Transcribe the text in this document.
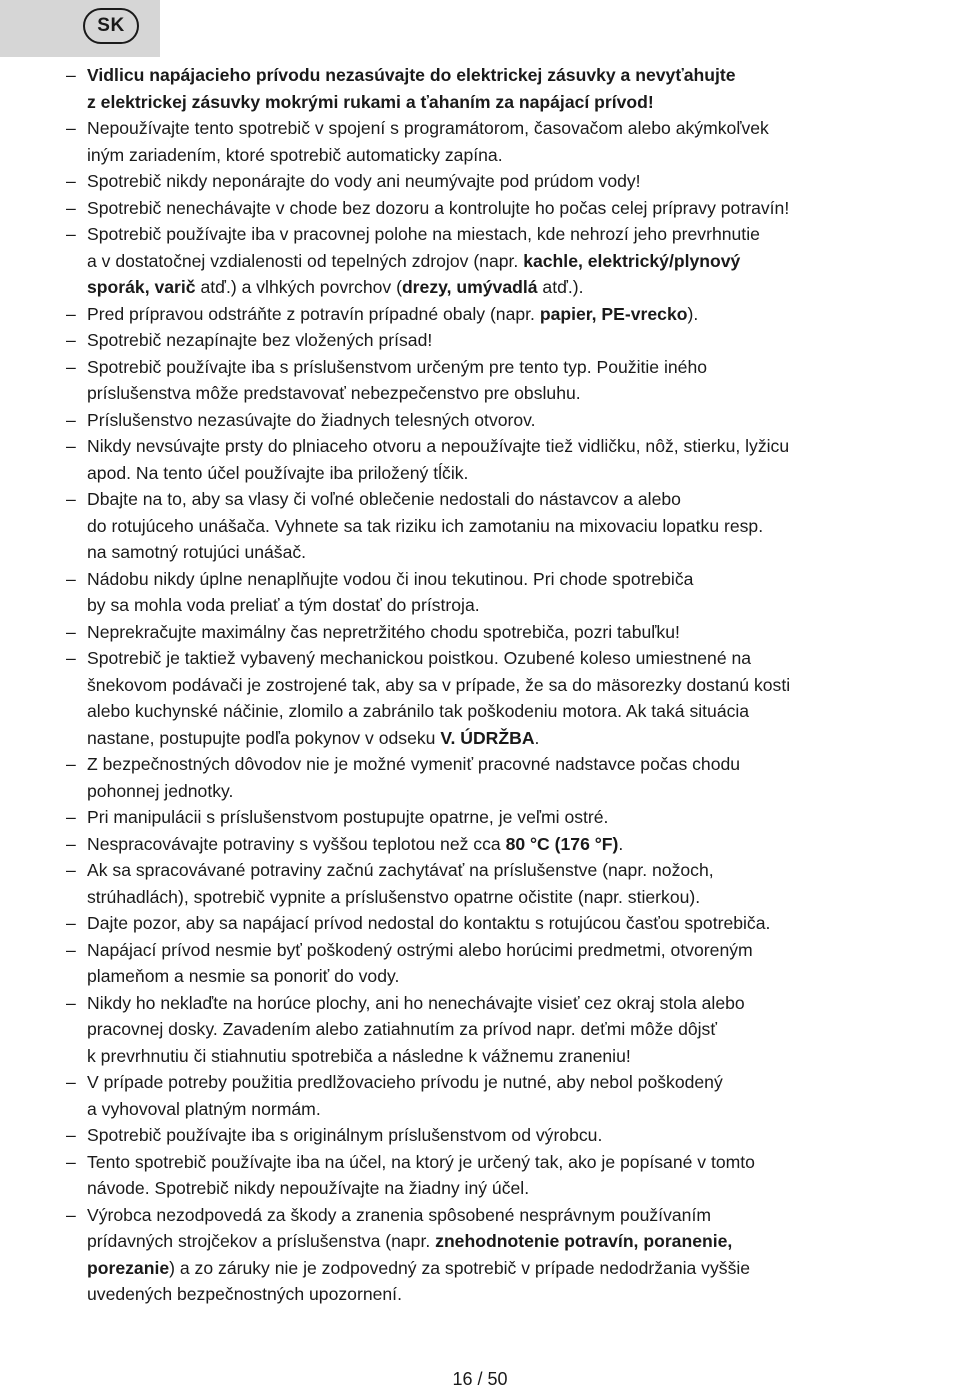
SK
– Vidlicu napájacieho prívodu nezasúvajte do elektrickej zásuvky a nevyťahujte
z elektrickej zásuvky mokrými rukami a ťahaním za napájací prívod!
– Nepoužívajte tento spotrebič v spojení s programátorom, časovačom alebo akýmkoľvek
iným zariadením, ktoré spotrebič automaticky zapína.
– Spotrebič nikdy neponárajte do vody ani neumývajte pod prúdom vody!
– Spotrebič nenechávajte v chode bez dozoru a kontrolujte ho počas celej prípravy potravín!
– Spotrebič používajte iba v pracovnej polohe na miestach, kde nehrozí jeho prevrhnutie
a v dostatočnej vzdialenosti od tepelných zdrojov (napr. kachle, elektrický/plynový
sporák, varič atď.) a vlhkých povrchov (drezy, umývadlá atď.).
– Pred prípravou odstráňte z potravín prípadné obaly (napr. papier, PE-vrecko).
– Spotrebič nezapínajte bez vložených prísad!
– Spotrebič používajte iba s príslušenstvom určeným pre tento typ. Použitie iného
príslušenstva môže predstavovať nebezpečenstvo pre obsluhu.
– Príslušenstvo nezasúvajte do žiadnych telesných otvorov.
– Nikdy nevsúvajte prsty do plniaceho otvoru a nepoužívajte tiež vidličku, nôž, stierku, lyžicu
apod. Na tento účel používajte iba priložený tĺčik.
– Dbajte na to, aby sa vlasy či voľné oblečenie nedostali do nástavcov a alebo
do rotujúceho unášača. Vyhnete sa tak riziku ich zamotaniu na mixovaciu lopatku resp.
na samotný rotujúci unášač.
– Nádobu nikdy úplne nenaplňujte vodou či inou tekutinou. Pri chode spotrebiča
by sa mohla voda preliať a tým dostať do prístroja.
– Neprekračujte maximálny čas nepretržitého chodu spotrebiča, pozri tabuľku!
– Spotrebič je taktiež vybavený mechanickou poistkou. Ozubené koleso umiestnené na
šnekovom podávači je zostrojené tak, aby sa v prípade, že sa do mäsorezky dostanú kosti
alebo kuchynské náčinie, zlomilo a zabránilo tak poškodeniu motora. Ak taká situácia
nastane, postupujte podľa pokynov v odseku V. ÚDRŽBA.
– Z bezpečnostných dôvodov nie je možné vymeniť pracovné nadstavce počas chodu
pohonnej jednotky.
– Pri manipulácii s príslušenstvom postupujte opatrne, je veľmi ostré.
– Nespracovávajte potraviny s vyššou teplotou než cca 80 °C (176 °F).
– Ak sa spracovávané potraviny začnú zachytávať na príslušenstve (napr. nožoch,
strúhadlách), spotrebič vypnite a príslušenstvo opatrne očistite (napr. stierkou).
– Dajte pozor, aby sa napájací prívod nedostal do kontaktu s rotujúcou časťou spotrebiča.
– Napájací prívod nesmie byť poškodený ostrými alebo horúcimi predmetmi, otvoreným
plameňom a nesmie sa ponoriť do vody.
– Nikdy ho neklaďte na horúce plochy, ani ho nenechávajte visieť cez okraj stola alebo
pracovnej dosky. Zavadením alebo zatiahnutím za prívod napr. deťmi môže dôjsť
k prevrhnutiu či stiahnutiu spotrebiča a následne k vážnemu zraneniu!
– V prípade potreby použitia predlžovacieho prívodu je nutné, aby nebol poškodený
a vyhovoval platným normám.
– Spotrebič používajte iba s originálnym príslušenstvom od výrobcu.
– Tento spotrebič používajte iba na účel, na ktorý je určený tak, ako je popísané v tomto
návode. Spotrebič nikdy nepoužívajte na žiadny iný účel.
– Výrobca nezodpovedá za škody a zranenia spôsobené nesprávnym používaním
prídavných strojčekov a príslušenstva (napr. znehodnotenie potravín, poranenie,
porezanie) a zo záruky nie je zodpovedný za spotrebič v prípade nedodržania vyššie
uvedených bezpečnostných upozornení.
16 / 50
